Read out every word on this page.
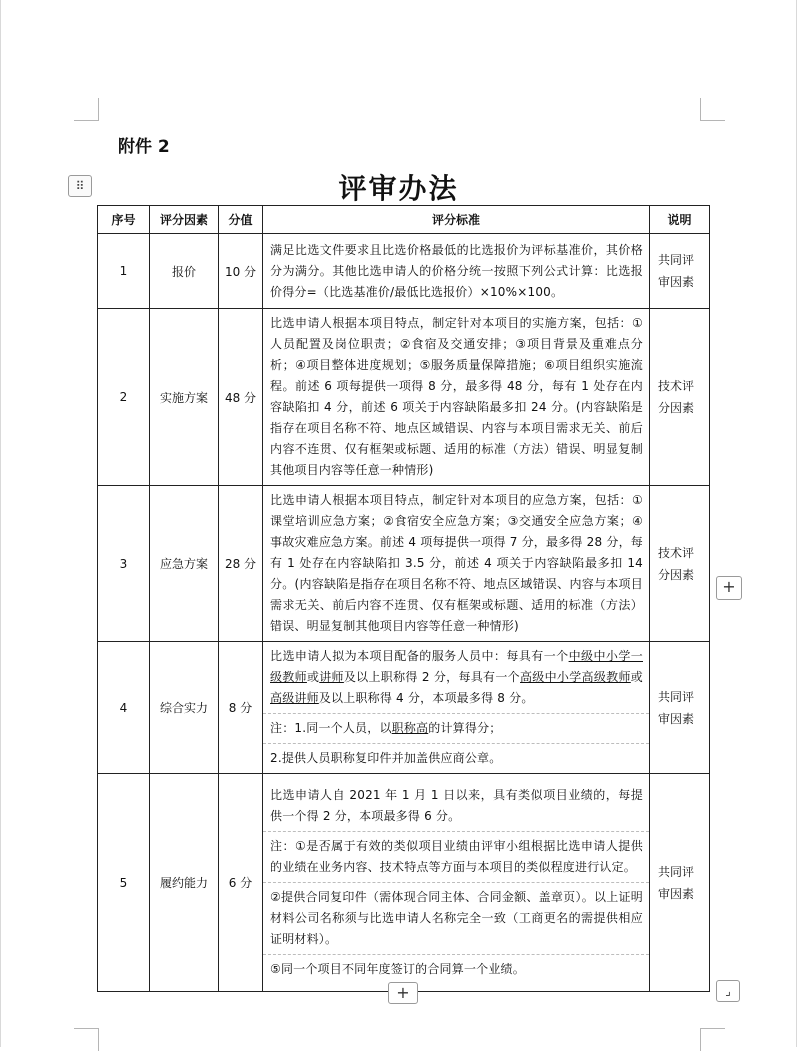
附件 2
评审办法
⠿
序号	评分因素	分值	评分标准	说明
1	报价	10 分	满足比选文件要求且比选价格最低的比选报价为评标基准价，其价格分为满分。其他比选申请人的价格分统一按照下列公式计算：比选报价得分=（比选基准价/最低比选报价）×10%×100。	共同评审因素
2	实施方案	48 分	比选申请人根据本项目特点，制定针对本项目的实施方案，包括：①人员配置及岗位职责；②食宿及交通安排；③项目背景及重难点分析；④项目整体进度规划；⑤服务质量保障措施；⑥项目组织实施流程。前述 6 项每提供一项得 8 分，最多得 48 分，每有 1 处存在内容缺陷扣 4 分，前述 6 项关于内容缺陷最多扣 24 分。(内容缺陷是指存在项目名称不符、地点区域错误、内容与本项目需求无关、前后内容不连贯、仅有框架或标题、适用的标准（方法）错误、明显复制其他项目内容等任意一种情形)	技术评分因素
3	应急方案	28 分	比选申请人根据本项目特点，制定针对本项目的应急方案，包括：①课堂培训应急方案；②食宿安全应急方案；③交通安全应急方案；④事故灾难应急方案。前述 4 项每提供一项得 7 分，最多得 28 分，每有 1 处存在内容缺陷扣 3.5 分，前述 4 项关于内容缺陷最多扣 14 分。(内容缺陷是指存在项目名称不符、地点区域错误、内容与本项目需求无关、前后内容不连贯、仅有框架或标题、适用的标准（方法）错误、明显复制其他项目内容等任意一种情形)	技术评分因素
4	综合实力	8 分	比选申请人拟为本项目配备的服务人员中：每具有一个中级中小学一级教师或讲师及以上职称得 2 分，每具有一个高级中小学高级教师或高级讲师及以上职称得 4 分，本项最多得 8 分。
注：1.同一个人员，以职称高的计算得分；
2.提供人员职称复印件并加盖供应商公章。	共同评审因素
5	履约能力	6 分	比选申请人自 2021 年 1 月 1 日以来，具有类似项目业绩的，每提供一个得 2 分，本项最多得 6 分。
注：①是否属于有效的类似项目业绩由评审小组根据比选申请人提供的业绩在业务内容、技术特点等方面与本项目的类似程度进行认定。
②提供合同复印件（需体现合同主体、合同金额、盖章页）。以上证明材料公司名称须与比选申请人名称完全一致（工商更名的需提供相应证明材料）。
⑤同一个项目不同年度签订的合同算一个业绩。	共同评审因素
+
+	⌟
